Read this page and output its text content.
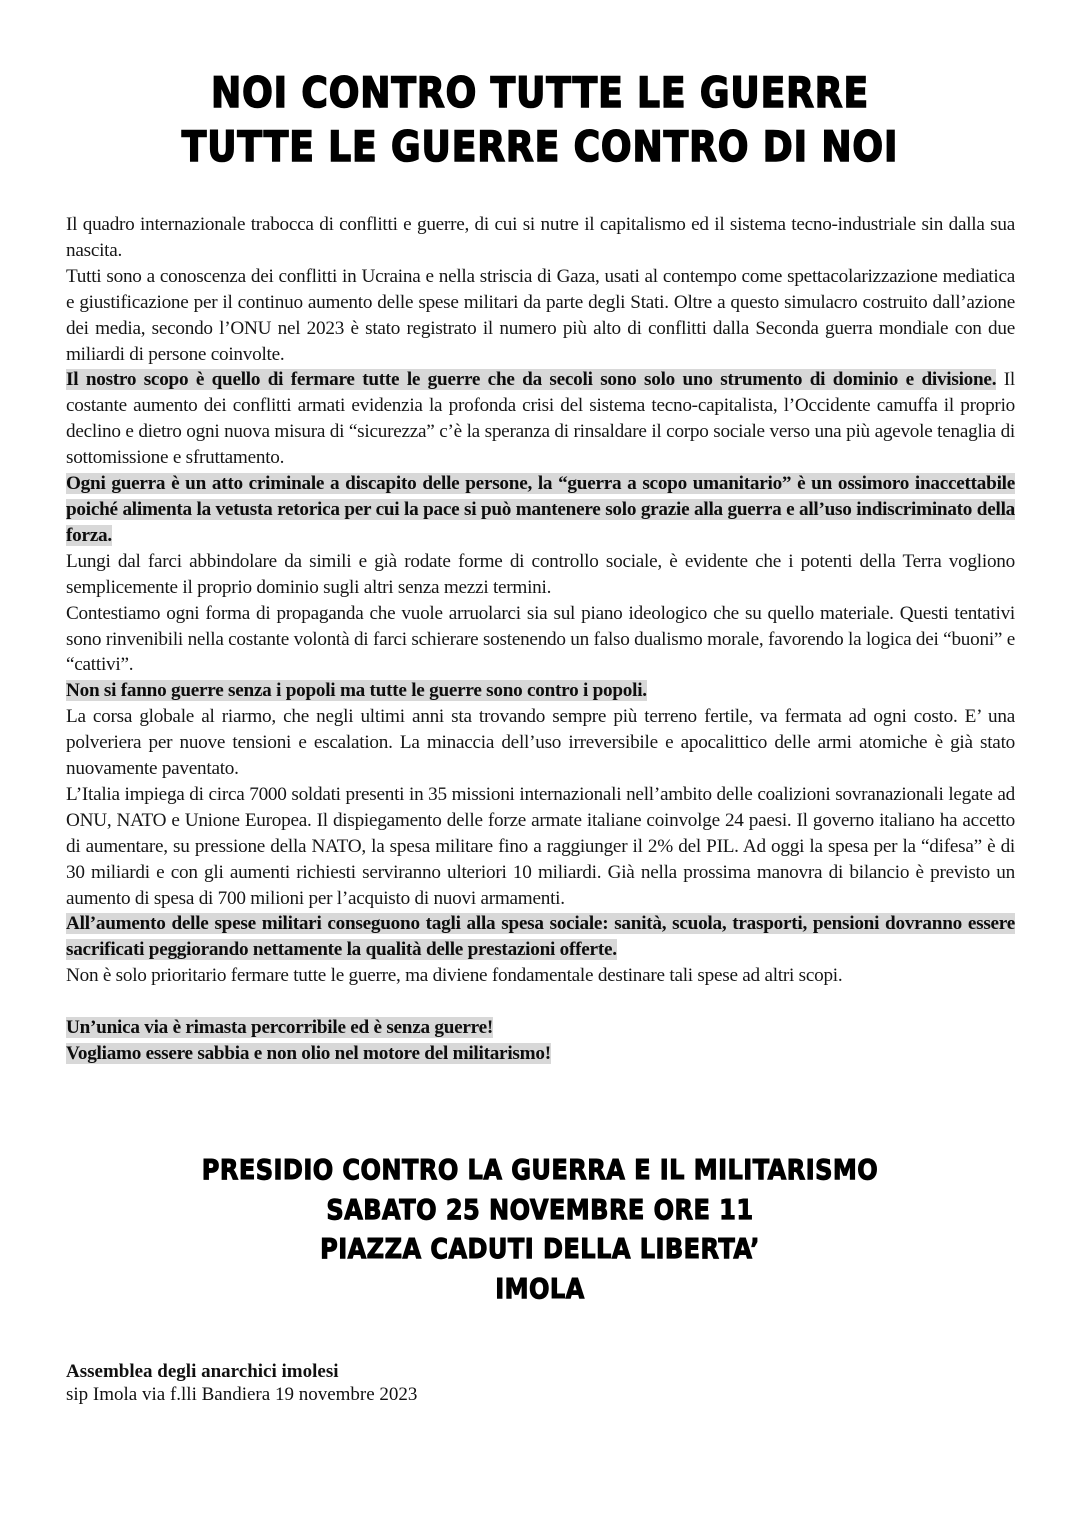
NOI CONTRO TUTTE LE GUERRE
TUTTE LE GUERRE CONTRO DI NOI

Il quadro internazionale trabocca di conflitti e guerre, di cui si nutre il capitalismo ed il sistema tecno-industriale sin dalla sua nascita.

Tutti sono a conoscenza dei conflitti in Ucraina e nella striscia di Gaza, usati al contempo come spettacolarizzazione mediatica e giustificazione per il continuo aumento delle spese militari da parte degli Stati. Oltre a questo simulacro costruito dall’azione dei media, secondo l’ONU nel 2023 è stato registrato il numero più alto di conflitti dalla Seconda guerra mondiale con due miliardi di persone coinvolte.

Il nostro scopo è quello di fermare tutte le guerre che da secoli sono solo uno strumento di dominio e divisione. Il costante aumento dei conflitti armati evidenzia la profonda crisi del sistema tecno-capitalista, l’Occidente camuffa il proprio declino e dietro ogni nuova misura di “sicurezza” c’è la speranza di rinsaldare il corpo sociale verso una più agevole tenaglia di sottomissione e sfruttamento.

Ogni guerra è un atto criminale a discapito delle persone, la “guerra a scopo umanitario” è un ossimoro inaccettabile poiché alimenta la vetusta retorica per cui la pace si può mantenere solo grazie alla guerra e all’uso indiscriminato della forza.

Lungi dal farci abbindolare da simili e già rodate forme di controllo sociale, è evidente che i potenti della Terra vogliono semplicemente il proprio dominio sugli altri senza mezzi termini.

Contestiamo ogni forma di propaganda che vuole arruolarci sia sul piano ideologico che su quello materiale. Questi tentativi sono rinvenibili nella costante volontà di farci schierare sostenendo un falso dualismo morale, favorendo la logica dei “buoni” e “cattivi”.

Non si fanno guerre senza i popoli ma tutte le guerre sono contro i popoli.

La corsa globale al riarmo, che negli ultimi anni sta trovando sempre più terreno fertile, va fermata ad ogni costo. E’ una polveriera per nuove tensioni e escalation. La minaccia dell’uso irreversibile e apocalittico delle armi atomiche è già stato nuovamente paventato.

L’Italia impiega di circa 7000 soldati presenti in 35 missioni internazionali nell’ambito delle coalizioni sovranazionali legate ad ONU, NATO e Unione Europea. Il dispiegamento delle forze armate italiane coinvolge 24 paesi. Il governo italiano ha accetto di aumentare, su pressione della NATO, la spesa militare fino a raggiunger il 2% del PIL. Ad oggi la spesa per la “difesa” è di 30 miliardi e con gli aumenti richiesti serviranno ulteriori 10 miliardi. Già nella prossima manovra di bilancio è previsto un aumento di spesa di 700 milioni per l’acquisto di nuovi armamenti.

All’aumento delle spese militari conseguono tagli alla spesa sociale: sanità, scuola, trasporti, pensioni dovranno essere sacrificati peggiorando nettamente la qualità delle prestazioni offerte.

Non è solo prioritario fermare tutte le guerre, ma diviene fondamentale destinare tali spese ad altri scopi.

Un’unica via è rimasta percorribile ed è senza guerre!

Vogliamo essere sabbia e non olio nel motore del militarismo!

PRESIDIO CONTRO LA GUERRA E IL MILITARISMO
SABATO 25 NOVEMBRE ORE 11
PIAZZA CADUTI DELLA LIBERTA’
IMOLA
Assemblea degli anarchici imolesi
sip Imola via f.lli Bandiera 19 novembre 2023
